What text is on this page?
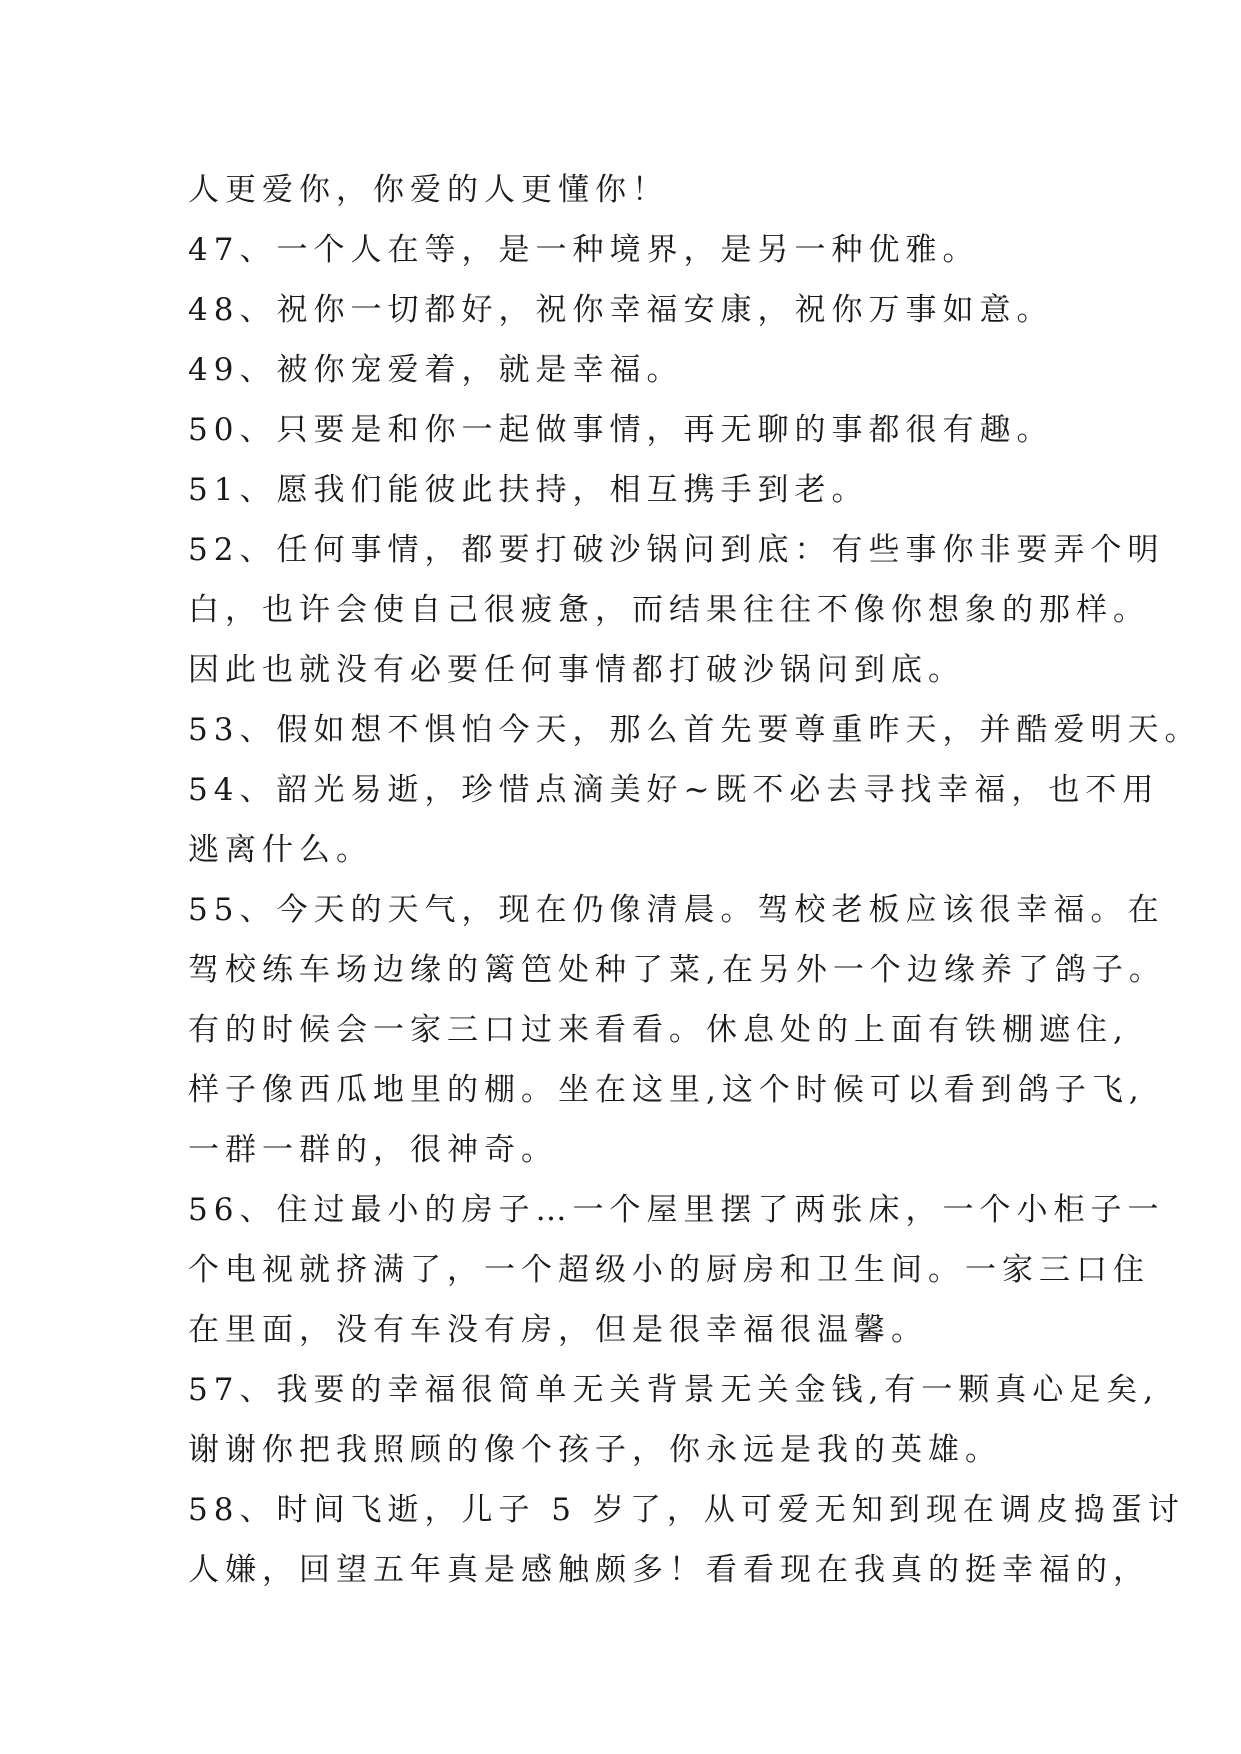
人更爱你，你爱的人更懂你！
47、一个人在等，是一种境界，是另一种优雅。
48、祝你一切都好，祝你幸福安康，祝你万事如意。
49、被你宠爱着，就是幸福。
50、只要是和你一起做事情，再无聊的事都很有趣。
51、愿我们能彼此扶持，相互携手到老。
52、任何事情，都要打破沙锅问到底：有些事你非要弄个明
白，也许会使自己很疲惫，而结果往往不像你想象的那样。
因此也就没有必要任何事情都打破沙锅问到底。
53、假如想不惧怕今天，那么首先要尊重昨天，并酷爱明天。
54、韶光易逝，珍惜点滴美好~既不必去寻找幸福，也不用
逃离什么。
55、今天的天气，现在仍像清晨。驾校老板应该很幸福。在
驾校练车场边缘的篱笆处种了菜,在另外一个边缘养了鸽子。
有的时候会一家三口过来看看。休息处的上面有铁棚遮住,
样子像西瓜地里的棚。坐在这里,这个时候可以看到鸽子飞,
一群一群的，很神奇。
56、住过最小的房子…一个屋里摆了两张床，一个小柜子一
个电视就挤满了，一个超级小的厨房和卫生间。一家三口住
在里面，没有车没有房，但是很幸福很温馨。
57、我要的幸福很简单无关背景无关金钱,有一颗真心足矣,
谢谢你把我照顾的像个孩子，你永远是我的英雄。
58、时间飞逝，儿子 5 岁了，从可爱无知到现在调皮捣蛋讨
人嫌，回望五年真是感触颇多！看看现在我真的挺幸福的，
